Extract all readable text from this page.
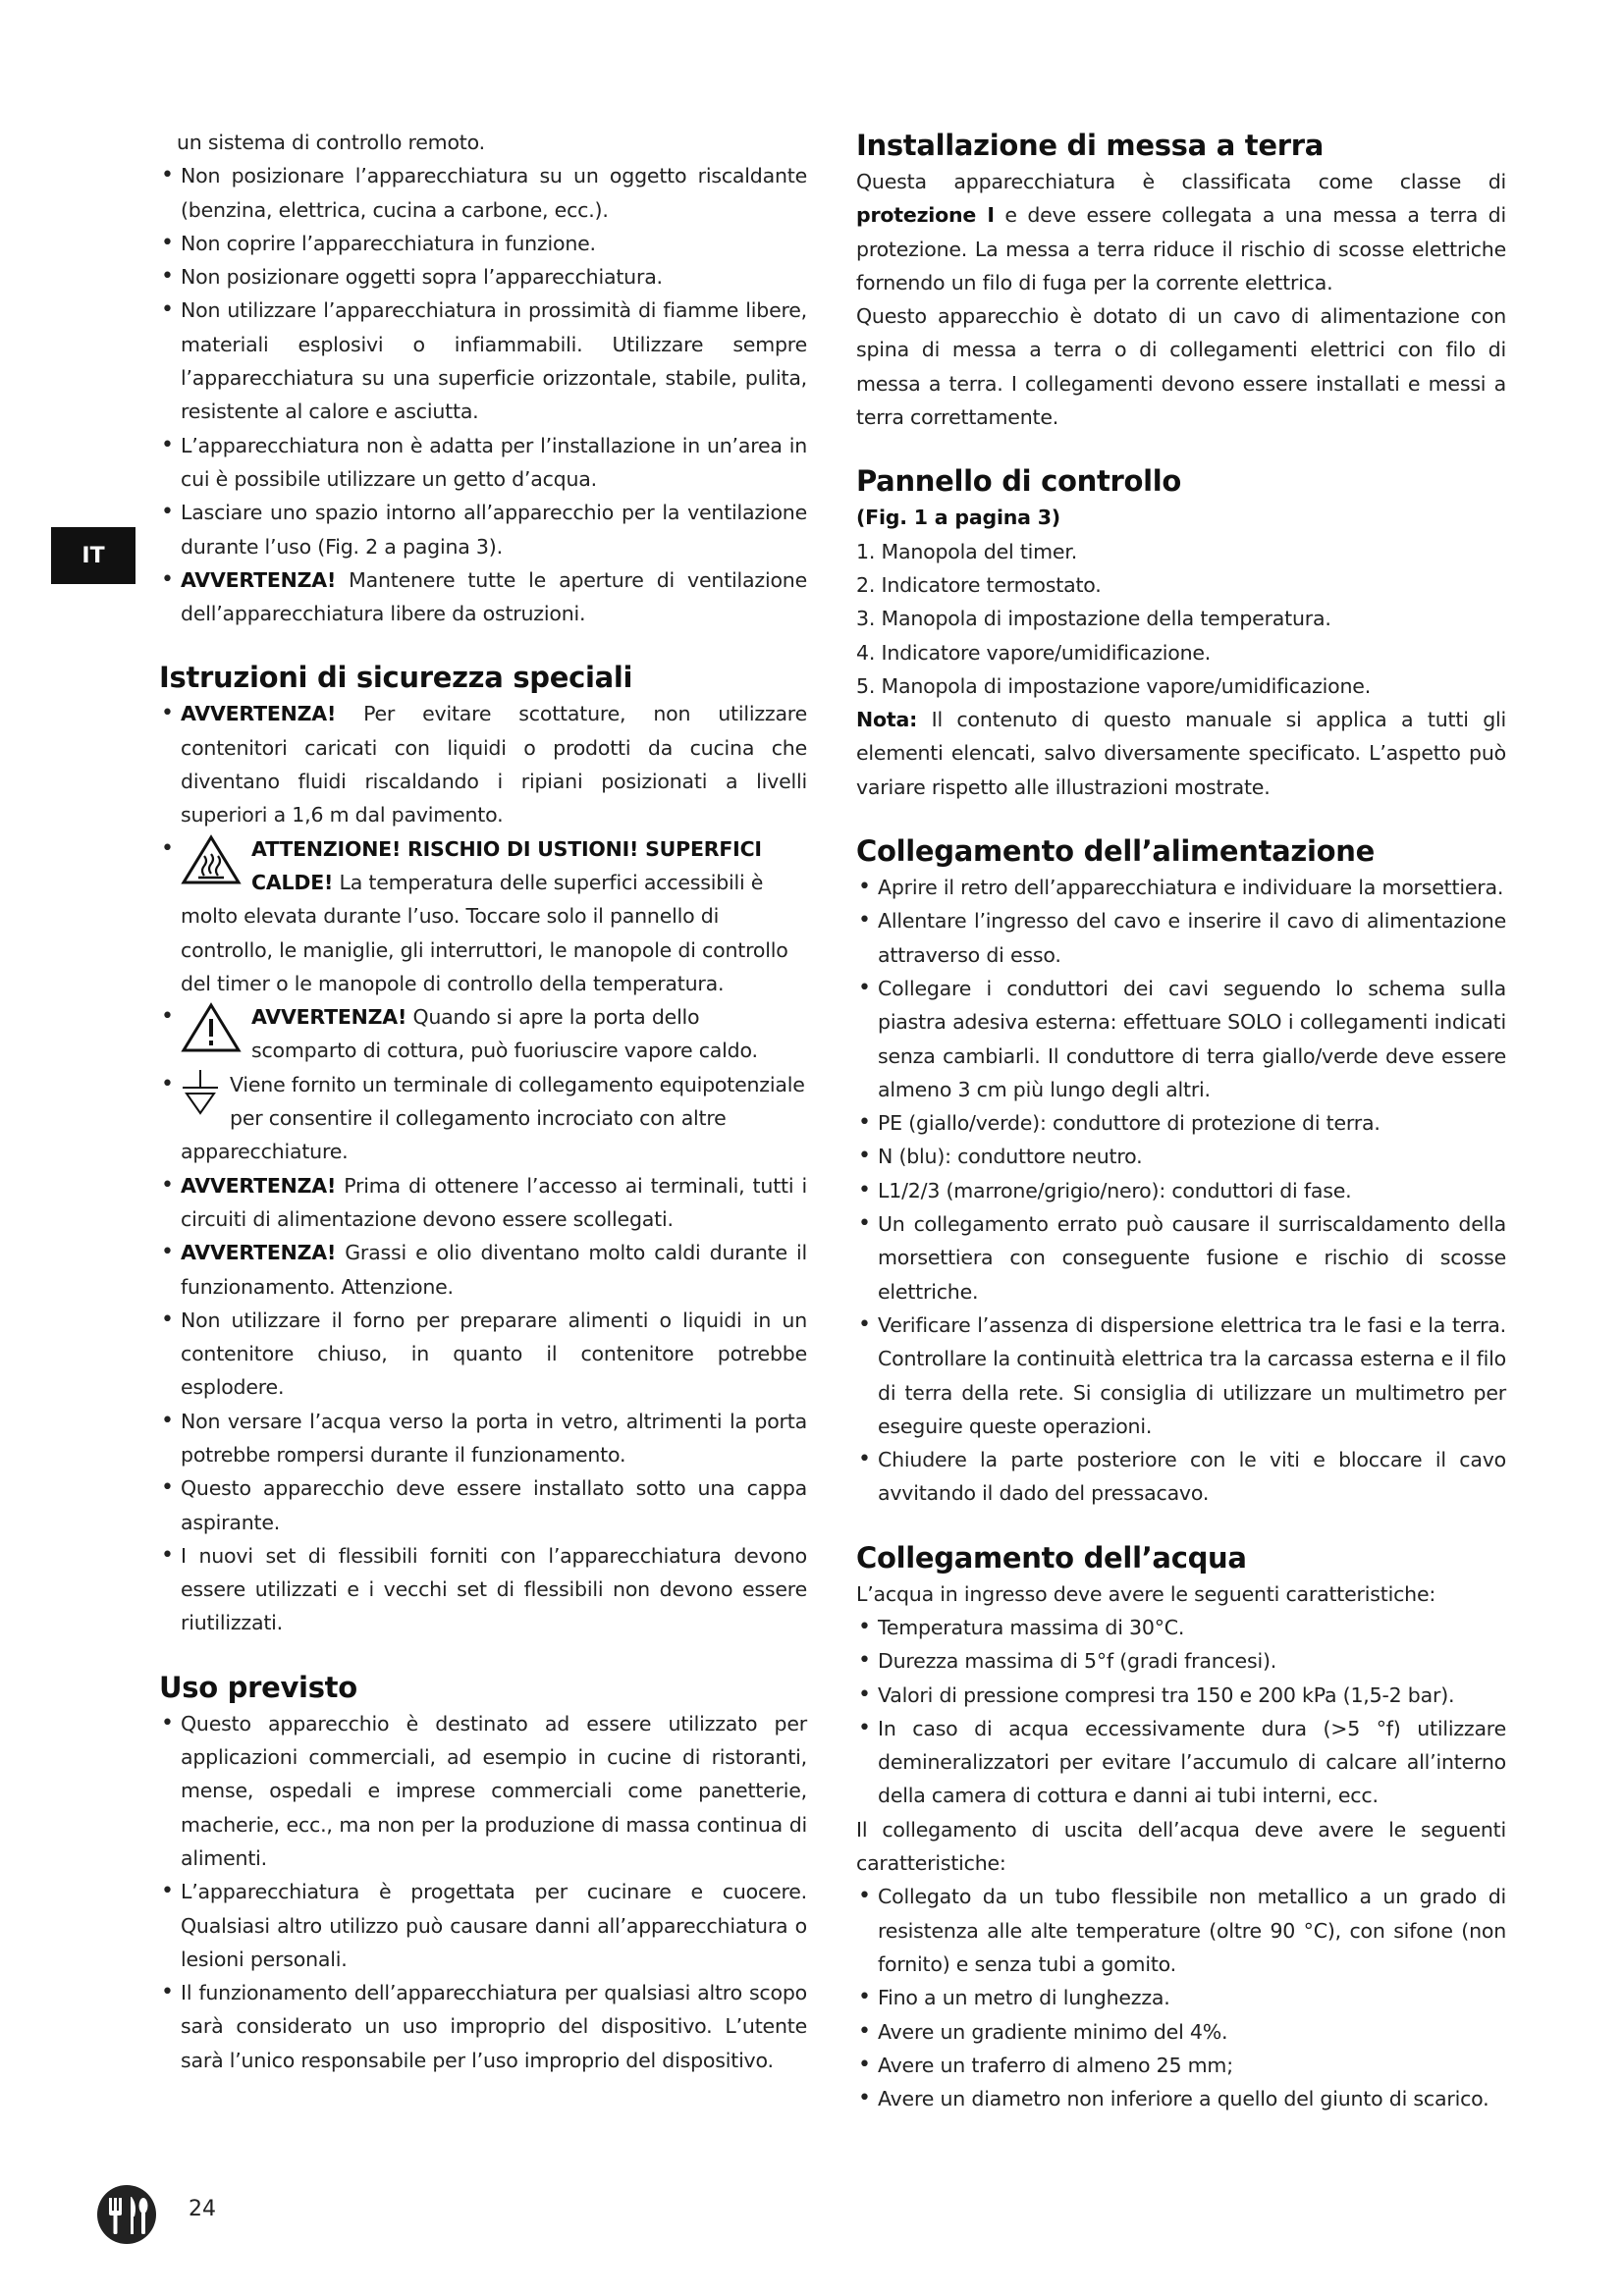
IT

un sistema di controllo remoto.

• Non posizionare l’apparecchiatura su un oggetto riscaldante (benzina, elettrica, cucina a carbone, ecc.).
• Non coprire l’apparecchiatura in funzione.
• Non posizionare oggetti sopra l’apparecchiatura.
• Non utilizzare l’apparecchiatura in prossimità di fiamme libere, materiali esplosivi o infiammabili. Utilizzare sempre l’apparecchiatura su una superficie orizzontale, stabile, pulita, resistente al calore e asciutta.
• L’apparecchiatura non è adatta per l’installazione in un’area in cui è possibile utilizzare un getto d’acqua.
• Lasciare uno spazio intorno all’apparecchio per la ventilazione durante l’uso (Fig. 2 a pagina 3).
• AVVERTENZA! Mantenere tutte le aperture di ventilazione dell’apparecchiatura libere da ostruzioni.
Istruzioni di sicurezza speciali
• AVVERTENZA! Per evitare scottature, non utilizzare contenitori caricati con liquidi o prodotti da cucina che diventano fluidi riscaldando i ripiani posizionati a livelli superiori a 1,6 m dal pavimento.
• ATTENZIONE! RISCHIO DI USTIONI! SUPERFICI CALDE! La temperatura delle superfici accessibili è molto elevata durante l’uso. Toccare solo il pannello di controllo, le maniglie, gli interruttori, le manopole di controllo del timer o le manopole di controllo della temperatura.
• AVVERTENZA! Quando si apre la porta dello scomparto di cottura, può fuoriuscire vapore caldo.
• Viene fornito un terminale di collegamento equipotenziale per consentire il collegamento incrociato con altre apparecchiature.
• AVVERTENZA! Prima di ottenere l’accesso ai terminali, tutti i circuiti di alimentazione devono essere scollegati.
• AVVERTENZA! Grassi e olio diventano molto caldi durante il funzionamento. Attenzione.
• Non utilizzare il forno per preparare alimenti o liquidi in un contenitore chiuso, in quanto il contenitore potrebbe esplodere.
• Non versare l’acqua verso la porta in vetro, altrimenti la porta potrebbe rompersi durante il funzionamento.
• Questo apparecchio deve essere installato sotto una cappa aspirante.
• I nuovi set di flessibili forniti con l’apparecchiatura devono essere utilizzati e i vecchi set di flessibili non devono essere riutilizzati.
Uso previsto
• Questo apparecchio è destinato ad essere utilizzato per applicazioni commerciali, ad esempio in cucine di ristoranti, mense, ospedali e imprese commerciali come panetterie, macherie, ecc., ma non per la produzione di massa continua di alimenti.
• L’apparecchiatura è progettata per cucinare e cuocere. Qualsiasi altro utilizzo può causare danni all’apparecchiatura o lesioni personali.
• Il funzionamento dell’apparecchiatura per qualsiasi altro scopo sarà considerato un uso improprio del dispositivo. L’utente sarà l’unico responsabile per l’uso improprio del dispositivo.
Installazione di messa a terra

Questa apparecchiatura è classificata come classe di protezione I e deve essere collegata a una messa a terra di protezione. La messa a terra riduce il rischio di scosse elettriche fornendo un filo di fuga per la corrente elettrica.

Questo apparecchio è dotato di un cavo di alimentazione con spina di messa a terra o di collegamenti elettrici con filo di messa a terra. I collegamenti devono essere installati e messi a terra correttamente.

Pannello di controllo
(Fig. 1 a pagina 3)
1. Manopola del timer.
2. Indicatore termostato.
3. Manopola di impostazione della temperatura.
4. Indicatore vapore/umidificazione.
5. Manopola di impostazione vapore/umidificazione.

Nota: Il contenuto di questo manuale si applica a tutti gli elementi elencati, salvo diversamente specificato. L’aspetto può variare rispetto alle illustrazioni mostrate.

Collegamento dell’alimentazione
• Aprire il retro dell’apparecchiatura e individuare la morsettiera.
• Allentare l’ingresso del cavo e inserire il cavo di alimentazione attraverso di esso.
• Collegare i conduttori dei cavi seguendo lo schema sulla piastra adesiva esterna: effettuare SOLO i collegamenti indicati senza cambiarli. Il conduttore di terra giallo/verde deve essere almeno 3 cm più lungo degli altri.
• PE (giallo/verde): conduttore di protezione di terra.
• N (blu): conduttore neutro.
• L1/2/3 (marrone/grigio/nero): conduttori di fase.
• Un collegamento errato può causare il surriscaldamento della morsettiera con conseguente fusione e rischio di scosse elettriche.
• Verificare l’assenza di dispersione elettrica tra le fasi e la terra. Controllare la continuità elettrica tra la carcassa esterna e il filo di terra della rete. Si consiglia di utilizzare un multimetro per eseguire queste operazioni.
• Chiudere la parte posteriore con le viti e bloccare il cavo avvitando il dado del pressacavo.
Collegamento dell’acqua

L’acqua in ingresso deve avere le seguenti caratteristiche:

• Temperatura massima di 30°C.
• Durezza massima di 5°f (gradi francesi).
• Valori di pressione compresi tra 150 e 200 kPa (1,5-2 bar).
• In caso di acqua eccessivamente dura (>5 °f) utilizzare demineralizzatori per evitare l’accumulo di calcare all’interno della camera di cottura e danni ai tubi interni, ecc.

Il collegamento di uscita dell’acqua deve avere le seguenti caratteristiche:

• Collegato da un tubo flessibile non metallico a un grado di resistenza alle alte temperature (oltre 90 °C), con sifone (non fornito) e senza tubi a gomito.
• Fino a un metro di lunghezza.
• Avere un gradiente minimo del 4%.
• Avere un traferro di almeno 25 mm;
• Avere un diametro non inferiore a quello del giunto di scarico.
24
